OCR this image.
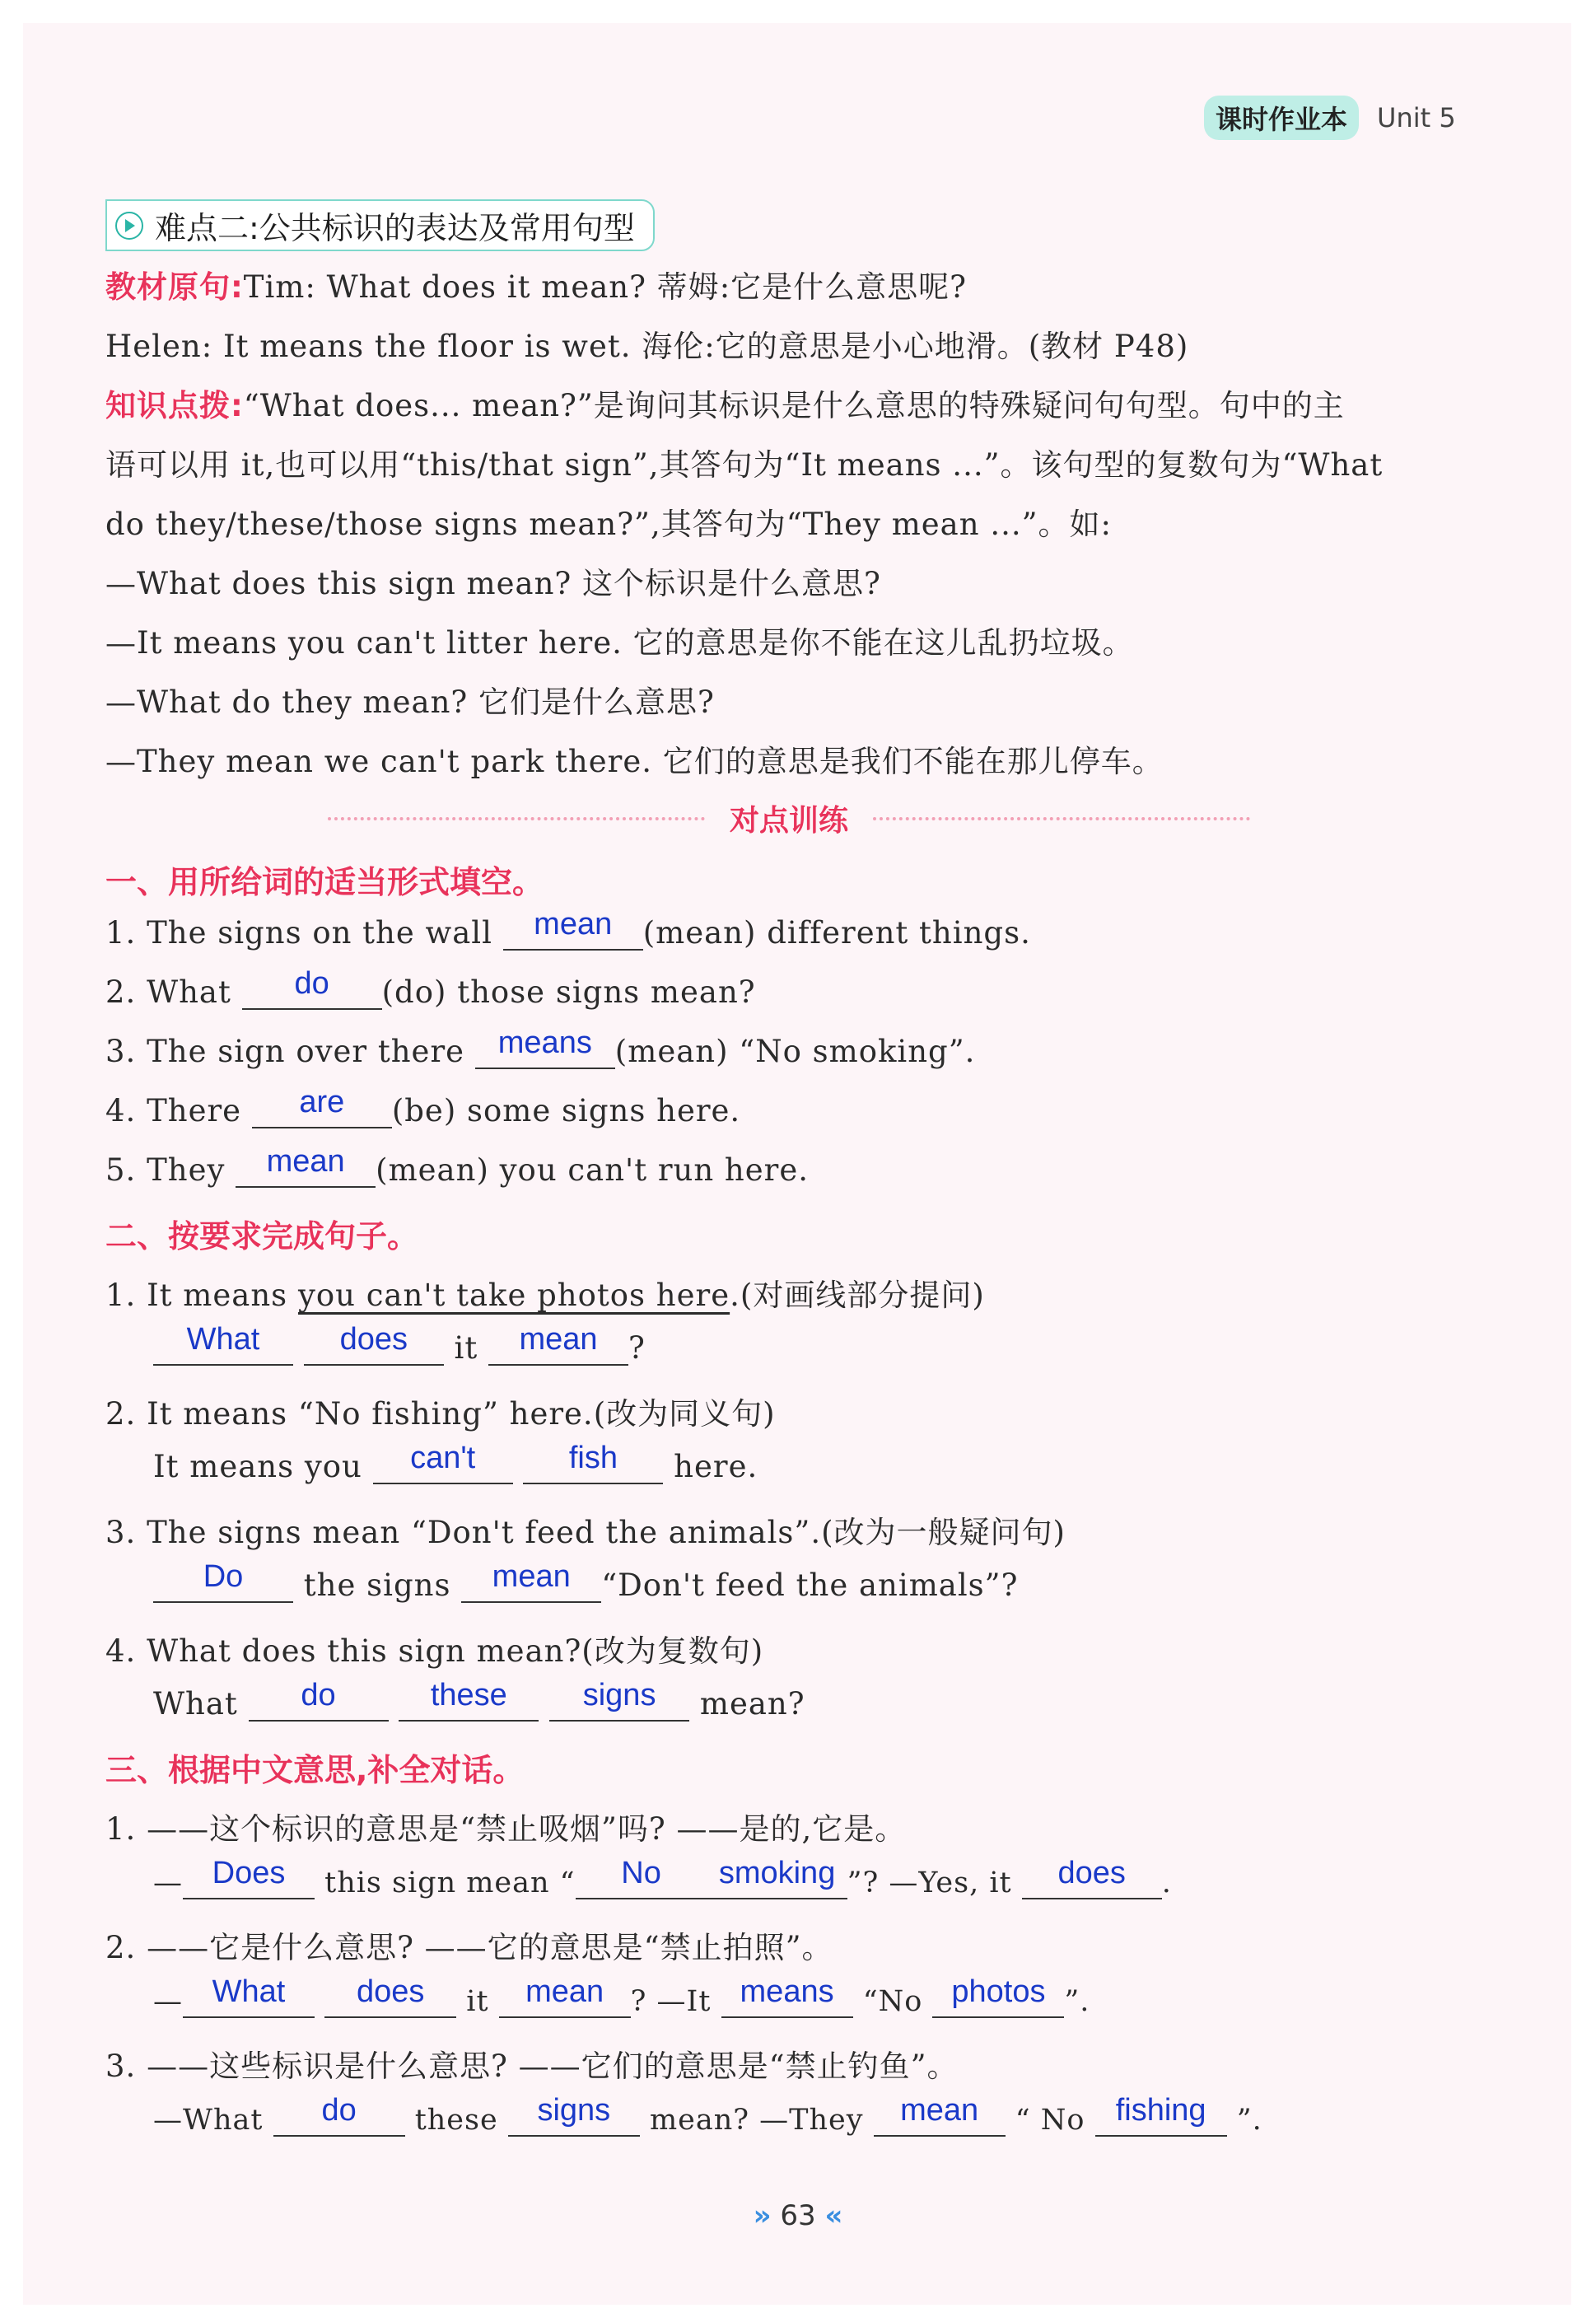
课时作业本	Unit 5
难点二:公共标识的表达及常用句型
教材原句:Tim: What does it mean? 蒂姆:它是什么意思呢?
Helen: It means the floor is wet. 海伦:它的意思是小心地滑。(教材 P48)
知识点拨:“What does... mean?”是询问其标识是什么意思的特殊疑问句句型。句中的主
语可以用 it,也可以用“this/that sign”,其答句为“It means ...”。该句型的复数句为“What
do they/these/those signs mean?”,其答句为“They mean ...”。如:
—What does this sign mean? 这个标识是什么意思?
—It means you can't litter here. 它的意思是你不能在这儿乱扔垃圾。
—What do they mean? 它们是什么意思?
—They mean we can't park there. 它们的意思是我们不能在那儿停车。
对点训练
一、用所给词的适当形式填空。
1. The signs on the wall mean	(mean) different things.
2. What	do	(do) those signs mean?
3. The sign over there means (mean) “No smoking”.
4. There	are	(be) some signs here.
5. They mean	(mean) you can't run here.
二、按要求完成句子。
1. It means you can't take photos here.(对画线部分提问)
What
	does	it mean	?
2. It means “No fishing” here.(改为同义句)
It means you	can't
	fish	here.
3. The signs mean “Don't feed the animals”.(改为一般疑问句)
Do	the signs mean	“Don't feed the animals”?
4. What does this sign mean?(改为复数句)
What	do
	these
	signs	mean?
三、根据中文意思,补全对话。
1. ——这个标识的意思是“禁止吸烟”吗? ——是的,它是。
— Does	this sign mean “	No	smoking ”? —Yes, it	does	.
2. ——它是什么意思? ——它的意思是“禁止拍照”。
— What
	does	it mean ? —It means “No photos ”.
3. ——这些标识是什么意思? ——它们的意思是“禁止钓鱼”。
—What	do	these signs	mean? —They mean “ No fishing ”.
» 63 «
